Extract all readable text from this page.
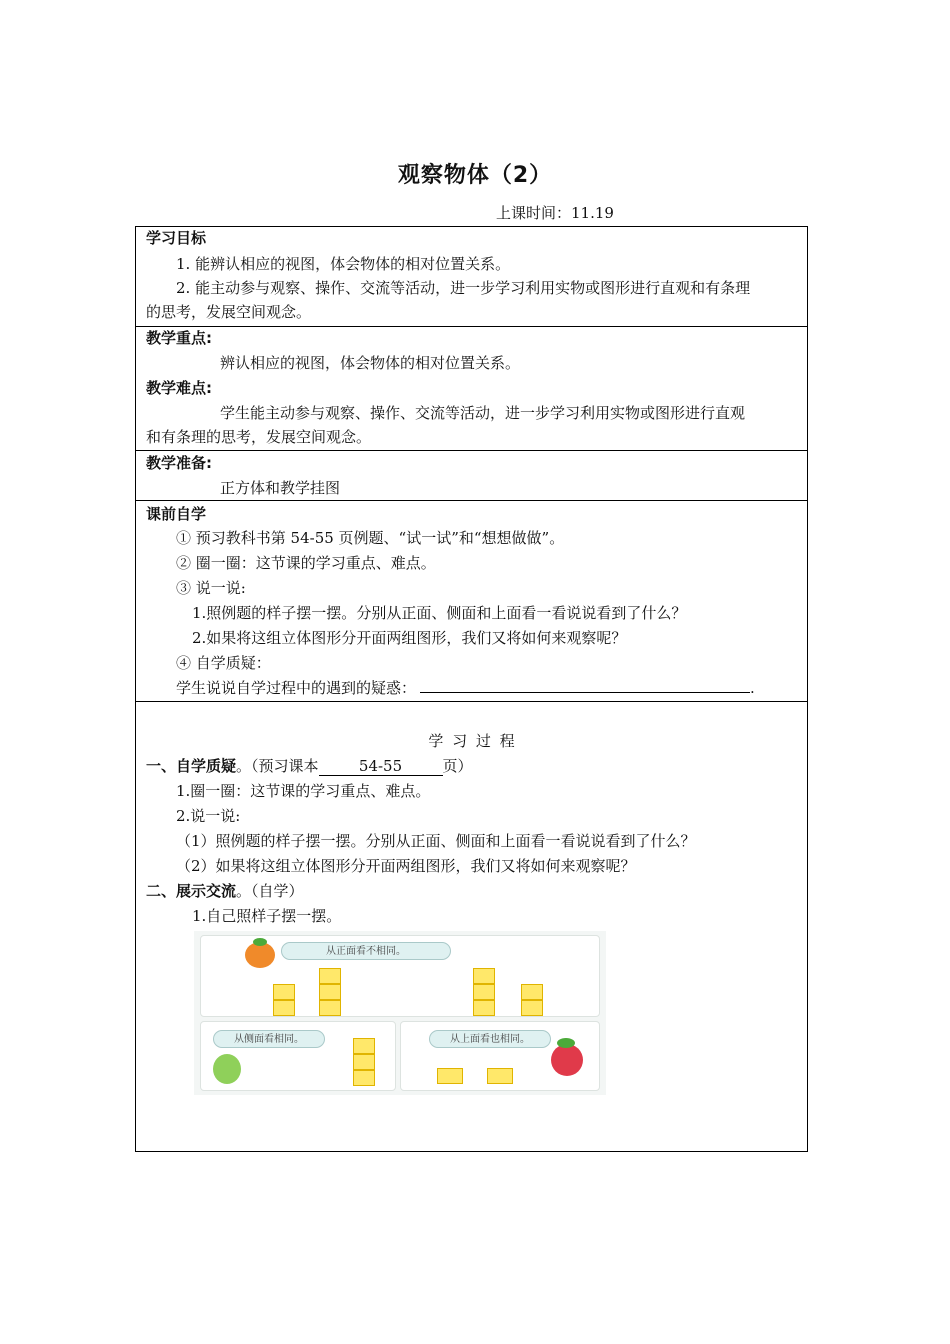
观察物体（2）
上课时间：11.19
学习目标
1. 能辨认相应的视图，体会物体的相对位置关系。
2. 能主动参与观察、操作、交流等活动，进一步学习利用实物或图形进行直观和有条理
的思考，发展空间观念。
教学重点:
辨认相应的视图，体会物体的相对位置关系。
教学难点:
学生能主动参与观察、操作、交流等活动，进一步学习利用实物或图形进行直观
和有条理的思考，发展空间观念。
教学准备:
正方体和教学挂图
课前自学
① 预习教科书第 54-55 页例题、“试一试”和“想想做做”。
② 圈一圈：这节课的学习重点、难点。
③ 说一说:
1.照例题的样子摆一摆。分别从正面、侧面和上面看一看说说看到了什么？
2.如果将这组立体图形分开面两组图形，我们又将如何来观察呢？
④ 自学质疑：
学生说说自学过程中的遇到的疑惑：	.
学 习 过 程
一、自学质疑。（预习课本	54-55	页）
1.圈一圈：这节课的学习重点、难点。
2.说一说:
（1）照例题的样子摆一摆。分别从正面、侧面和上面看一看说说看到了什么？
（2）如果将这组立体图形分开面两组图形，我们又将如何来观察呢？
二、展示交流。（自学）
1.自己照样子摆一摆。
从正面看不相同。
从侧面看相同。	从上面看也相同。
